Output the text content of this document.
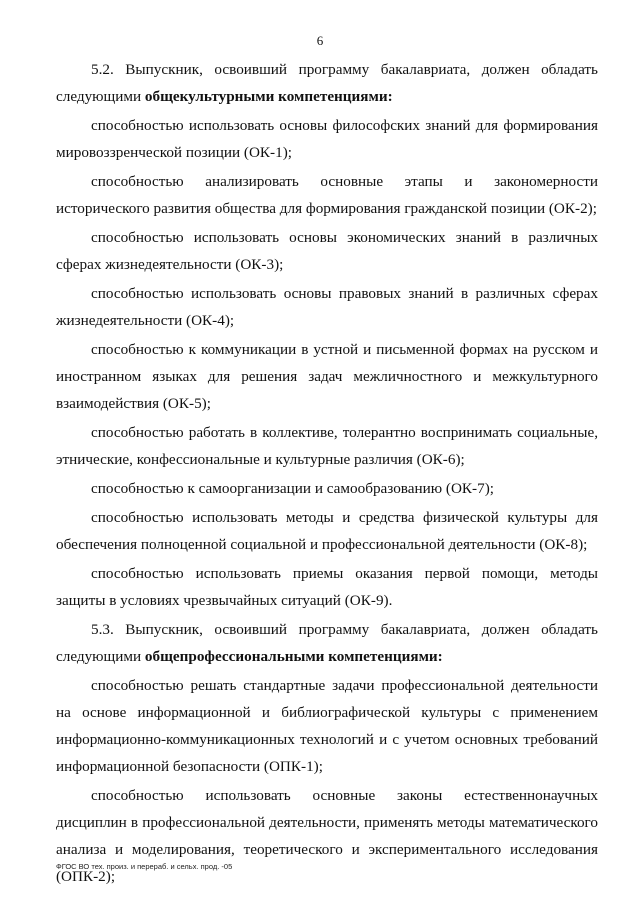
6

5.2. Выпускник, освоивший программу бакалавриата, должен обладать следующими общекультурными компетенциями:

способностью использовать основы философских знаний для формирования мировоззренческой позиции (ОК-1);

способностью анализировать основные этапы и закономерности исторического развития общества для формирования гражданской позиции (ОК-2);

способностью использовать основы экономических знаний в различных сферах жизнедеятельности (ОК-3);

способностью использовать основы правовых знаний в различных сферах жизнедеятельности (ОК-4);

способностью к коммуникации в устной и письменной формах на русском и иностранном языках для решения задач межличностного и межкультурного взаимодействия (ОК-5);

способностью работать в коллективе, толерантно воспринимать социальные, этнические, конфессиональные и культурные различия (ОК-6);

способностью к самоорганизации и самообразованию (ОК-7);

способностью использовать методы и средства физической культуры для обеспечения полноценной социальной и профессиональной деятельности (ОК-8);

способностью использовать приемы оказания первой помощи, методы защиты в условиях чрезвычайных ситуаций (ОК-9).

5.3. Выпускник, освоивший программу бакалавриата, должен обладать следующими общепрофессиональными компетенциями:

способностью решать стандартные задачи профессиональной деятельности на основе информационной и библиографической культуры с применением информационно-коммуникационных технологий и с учетом основных требований информационной безопасности (ОПК-1);

способностью использовать основные законы естественнонаучных дисциплин в профессиональной деятельности, применять методы математического анализа и моделирования, теоретического и экспериментального исследования (ОПК-2);

ФГОС ВО тех. произ. и перераб. и сельх. прод. -05
